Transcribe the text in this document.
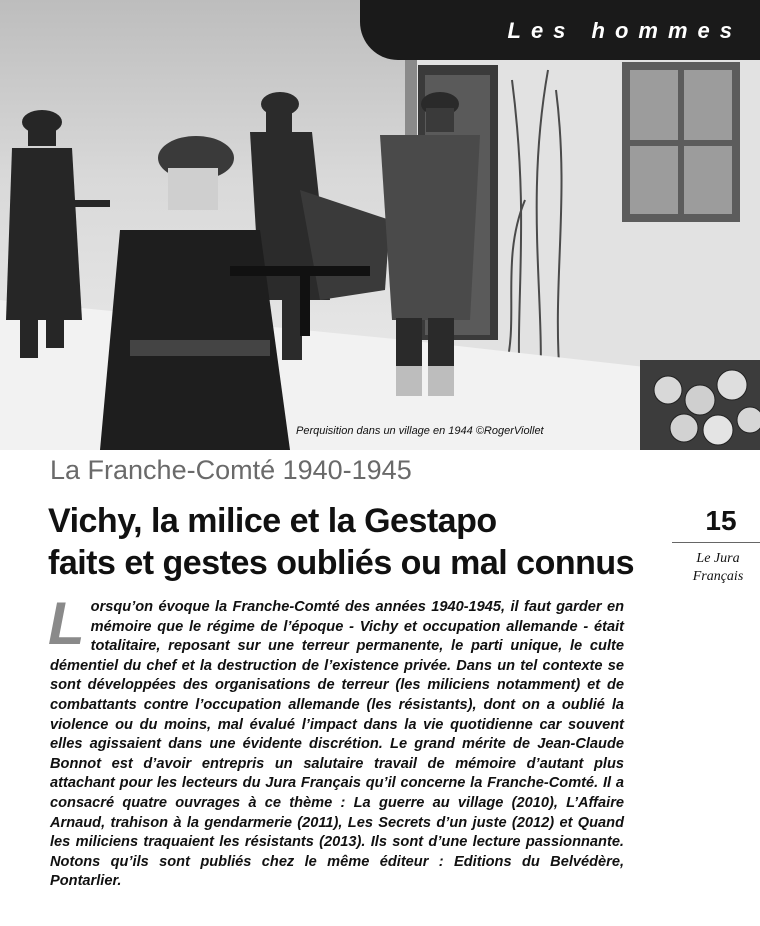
Perquisition dans un village en 1944 ©RogerViollet
Les hommes
La Franche-Comté 1940-1945
Vichy, la milice et la Gestapo
faits et gestes oubliés ou mal connus
15
Le Jura
Français
L orsqu’on évoque la Franche-Comté des années 1940-1945, il faut garder en mémoire que le régime de l’époque - Vichy et occupation allemande - était totalitaire, reposant sur une terreur permanente, le parti unique, le culte démentiel du chef et la destruction de l’existence privée. Dans un tel contexte se sont développées des organisations de terreur (les miliciens notamment) et de combattants contre l’occupation allemande (les résistants), dont on a oublié la violence ou du moins, mal évalué l’impact dans la vie quotidienne car souvent elles agissaient dans une évidente discrétion. Le grand mérite de Jean-Claude Bonnot est d’avoir entrepris un salutaire travail de mémoire d’autant plus attachant pour les lecteurs du Jura Français qu’il concerne la Franche-Comté. Il a consacré quatre ouvrages à ce thème : La guerre au village (2010), L’Affaire Arnaud, trahison à la gendarmerie (2011), Les Secrets d’un juste (2012) et Quand les miliciens traquaient les résistants (2013). Ils sont d’une lecture passionnante. Notons qu’ils sont publiés chez le même éditeur : Editions du Belvédère, Pontarlier.
